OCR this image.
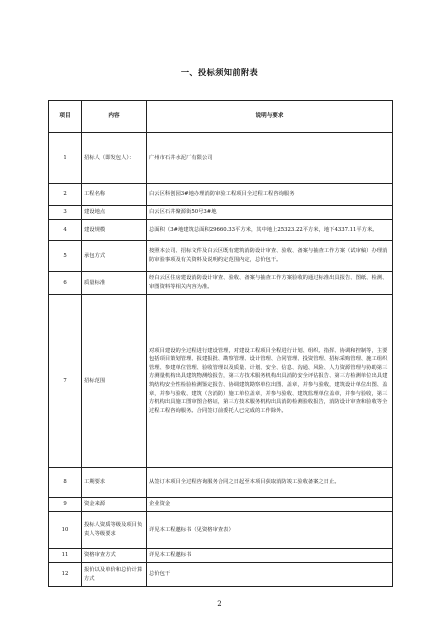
一、投标须知前附表
项目	内容	说明与要求
1	招标人（即发包人）：	广州市石井水泥厂有限公司
2	工程名称	白云区科创园3#地办理消防审验工程项目全过程工程咨询服务
3	建设地点	白云区石井聚源街50号3#地
4	建设规模	总面积（3#地建筑总面积29660.33平方米，其中地上25323.22平方米，地下4337.11平方米。
5	承包方式	按照本公司、招标文件及白云区既有建筑消防设计审查、验收、备案与抽查工作方案（试审稿）办理消防审验事项及有关资料及说明约定范围内定，总价包干。
6	质量标准	经白云区住房建设消防设计审查、验收、备案与抽查工作方案验收的通过标准出具报告、图纸、检测、审图资料等相关内容为准。
7	招标范围	对项目建设的全过程进行建设管理，对建设工程项目全程进行计划、组织、指挥、协调和控制等，主要包括项目策划管理、报建报批、勘察管理、设计管理、合同管理、投资管理、招标采购管理、施工组织管理、参建单位管理、验收管理以及质量、计划、安全、信息、沟通、风险、人力资源管理与协助第三方测量机构出具建筑物测绘报告，第三方技术服务机构出具消防安全评估报告、第三方检测单位出具建筑结构安全性检验检测鉴定报告、协调建筑勘察单位出图、盖章，并参与验收，建筑设计单位出图、盖章，并参与验收、建筑（含消防）施工单位盖章，并参与验收、建筑监理单位盖章，并参与验收，第三方机构出具施工图审图合格证，第三方技术服务机构出具消防检测验收报告，消防设计审查和验收等全过程工程咨询服务。合同签订前委托人已完成的工作除外。
8	工期要求	从签订本项目全过程咨询服务合同之日起至本项目获取消防竣工验收备案之日止。
9	资金来源	企业资金
10	投标人资质等级及项目负责人等级要求	详见本工程邀标书（见资格审查表）
11	资格审查方式	详见本工程邀标书
12	报价以及单价和总价计算方式	总价包干
2
